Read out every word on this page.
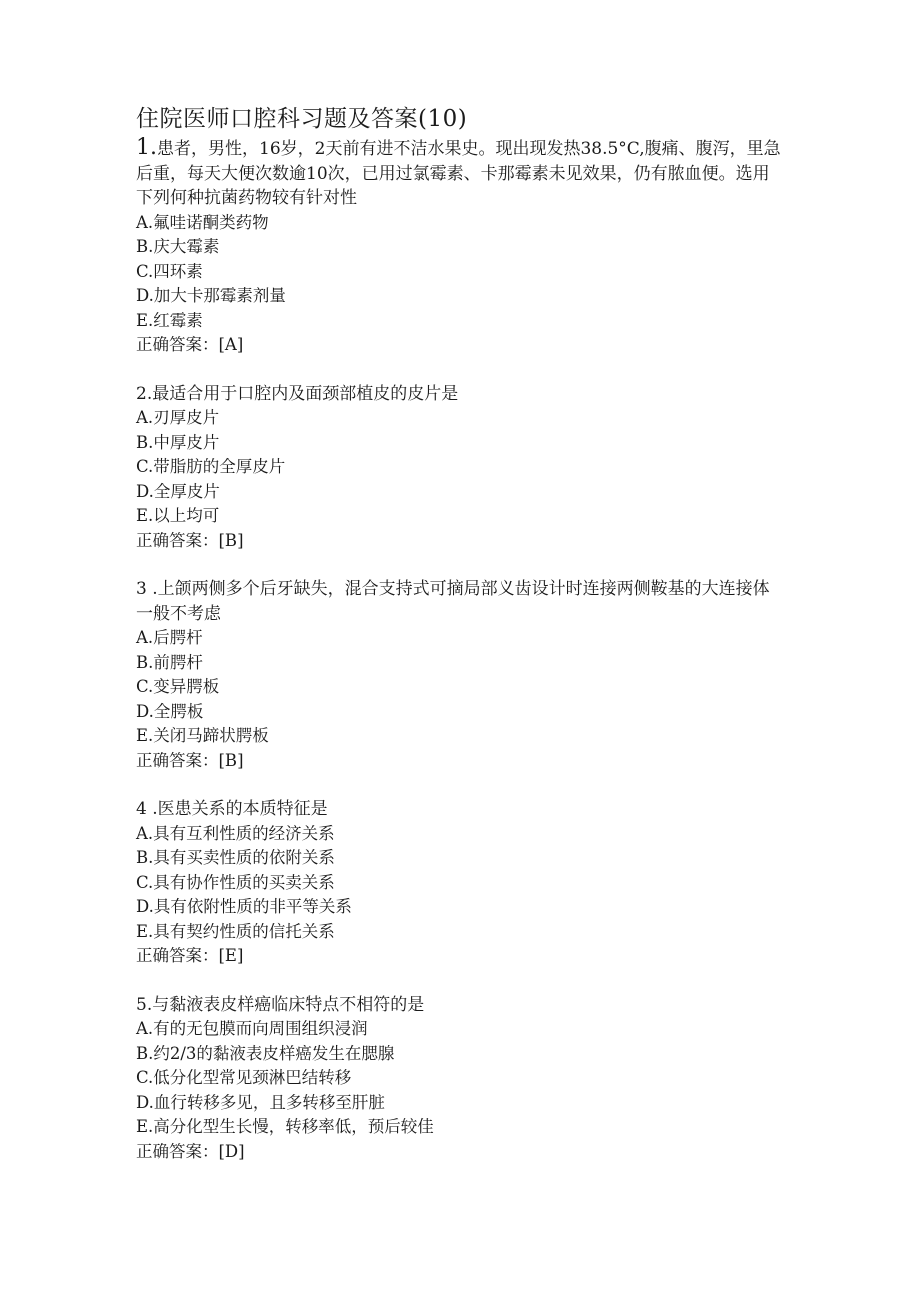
住院医师口腔科习题及答案(10)

1.患者，男性，16岁，2天前有进不洁水果史。现出现发热38.5°C,腹痛、腹泻，里急后重，每天大便次数逾10次，已用过氯霉素、卡那霉素未见效果，仍有脓血便。选用下列何种抗菌药物较有针对性

A.氟哇诺酮类药物

B.庆大霉素

C.四环素

D.加大卡那霉素剂量

E.红霉素

正确答案：[A]

2.最适合用于口腔内及面颈部植皮的皮片是

A.刃厚皮片

B.中厚皮片

C.带脂肪的全厚皮片

D.全厚皮片

E.以上均可

正确答案：[B]

3 .上颌两侧多个后牙缺失，混合支持式可摘局部义齿设计时连接两侧鞍基的大连接体一般不考虑

A.后腭杆

B.前腭杆

C.变异腭板

D.全腭板

E.关闭马蹄状腭板

正确答案：[B]

4 .医患关系的本质特征是

A.具有互利性质的经济关系

B.具有买卖性质的依附关系

C.具有协作性质的买卖关系

D.具有依附性质的非平等关系

E.具有契约性质的信托关系

正确答案：[E]

5.与黏液表皮样癌临床特点不相符的是

A.有的无包膜而向周围组织浸润

B.约2/3的黏液表皮样癌发生在腮腺

C.低分化型常见颈淋巴结转移

D.血行转移多见，且多转移至肝脏

E.高分化型生长慢，转移率低，预后较佳

正确答案：[D]
